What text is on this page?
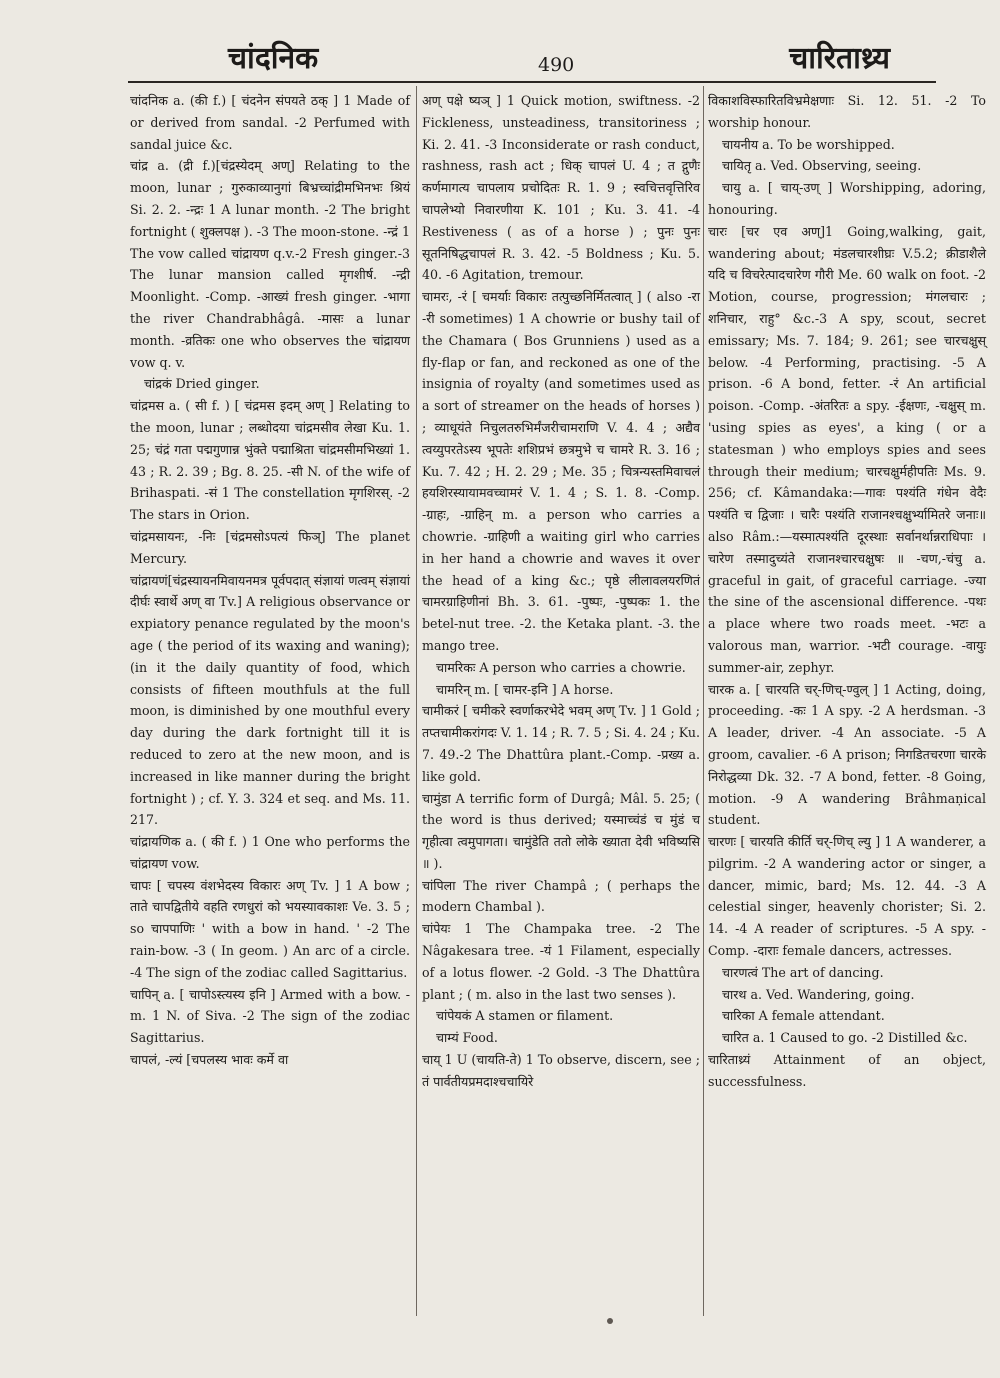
चांदनिक	490	चारिताथ्र्य

चांदनिक a. (की f.) [ चंदनेन संपयते ठक् ] 1 Made of or derived from sandal. -2 Perfumed with sandal juice &c.

चांद्र a. (द्री f.)[चंद्रस्येदम् अण्] Relating to the moon, lunar ; गुरुकाव्यानुगां बिभ्रच्चांद्रीमभिनभः श्रियं Si. 2. 2. -न्द्रः 1 A lunar month. -2 The bright fortnight ( शुक्लपक्ष ). -3 The moon-stone. -न्द्रं 1 The vow called चांद्रायण q.v.-2 Fresh ginger.-3 The lunar mansion called मृगशीर्ष. -न्द्री Moonlight. -Comp. -आख्यं fresh ginger. -भागा the river Chandrabhâgâ. -मासः a lunar month. -व्रतिकः one who observes the चांद्रायण vow q. v.

चांद्रकं Dried ginger.

चांद्रमस a. ( सी f. ) [ चंद्रमस इदम् अण् ] Relating to the moon, lunar ; लब्धोदया चांद्रमसीव लेखा Ku. 1. 25; चंद्रं गता पद्मगुणान्न भुंक्ते पद्माश्रिता चांद्रमसीमभिख्यां 1. 43 ; R. 2. 39 ; Bg. 8. 25. -सी N. of the wife of Brihaspati. -सं 1 The constellation मृगशिरस्. -2 The stars in Orion.

चांद्रमसायनः, -निः [चंद्रमसोऽपत्यं फिञ्] The planet Mercury.

चांद्रायणं[चंद्रस्यायनमिवायनमत्र पूर्वपदात् संज्ञायां णत्वम् संज्ञायां दीर्घः स्वार्थे अण् वा Tv.] A religious observance or expiatory penance regulated by the moon's age ( the period of its waxing and waning); (in it the daily quantity of food, which consists of fifteen mouthfuls at the full moon, is diminished by one mouthful every day during the dark fortnight till it is reduced to zero at the new moon, and is increased in like manner during the bright fortnight ) ; cf. Y. 3. 324 et seq. and Ms. 11. 217.

चांद्रायणिक a. ( की f. ) 1 One who performs the चांद्रायण vow.

चापः [ चपस्य वंशभेदस्य विकारः अण् Tv. ] 1 A bow ; ताते चापद्वितीये वहति रणधुरां को भयस्यावकाशः Ve. 3. 5 ; so चापपाणिः ' with a bow in hand. ' -2 The rain-bow. -3 ( In geom. ) An arc of a circle. -4 The sign of the zodiac called Sagittarius.

चापिन् a. [ चापोऽस्त्यस्य इनि ] Armed with a bow. -m. 1 N. of Siva. -2 The sign of the zodiac Sagittarius.

चापलं, -ल्यं [चपलस्य भावः कर्मे वा

अण् पक्षे ष्यञ् ] 1 Quick motion, swiftness. -2 Fickleness, unsteadiness, transitoriness ; Ki. 2. 41. -3 Inconsiderate or rash conduct, rashness, rash act ; धिक् चापलं U. 4 ; त द्गुणैः कर्णमागत्य चापलाय प्रचोदितः R. 1. 9 ; स्वचित्तवृत्तिरिव चापलेभ्यो निवारणीया K. 101 ; Ku. 3. 41. -4 Restiveness ( as of a horse ) ; पुनः पुनः सूतनिषिद्धचापलं R. 3. 42. -5 Boldness ; Ku. 5. 40. -6 Agitation, tremour.

चामरः, -रं [ चमर्याः विकारः तत्पुच्छनिर्मितत्वात् ] ( also -रा -री sometimes) 1 A chowrie or bushy tail of the Chamara ( Bos Grunniens ) used as a fly-flap or fan, and reckoned as one of the insignia of royalty (and sometimes used as a sort of streamer on the heads of horses ) ; व्याधूयंते निचुलतरुभिर्मंजरीचामराणि V. 4. 4 ; अद्यैव त्वय्युपरतेऽस्य भूपतेः शशिप्रभं छत्रमुभे च चामरे R. 3. 16 ; Ku. 7. 42 ; H. 2. 29 ; Me. 35 ; चित्रन्यस्तमिवाचलं हयशिरस्यायामवच्चामरं V. 1. 4 ; S. 1. 8. -Comp. -ग्राहः, -ग्राहिन् m. a person who carries a chowrie. -ग्राहिणी a waiting girl who carries in her hand a chowrie and waves it over the head of a king &c.; पृष्ठे लीलावलयरणितं चामरग्राहिणीनां Bh. 3. 61. -पुष्पः, -पुष्पकः 1. the betel-nut tree. -2. the Ketaka plant. -3. the mango tree.

चामरिकः A person who carries a chowrie.

चामरिन् m. [ चामर-इनि ] A horse.

चामीकरं [ चमीकरे स्वर्णाकरभेदे भवम् अण् Tv. ] 1 Gold ; तप्तचामीकरांगदः V. 1. 14 ; R. 7. 5 ; Si. 4. 24 ; Ku. 7. 49.-2 The Dhattûra plant.-Comp. -प्रख्य a. like gold.

चामुंडा A terrific form of Durgâ; Mâl. 5. 25; ( the word is thus derived; यस्माच्चंडं च मुंडं च गृहीत्वा त्वमुपागता। चामुंडेति ततो लोके ख्याता देवी भविष्यसि ॥ ).

चांपिला The river Champâ ; ( perhaps the modern Chambal ).

चांपेयः 1 The Champaka tree. -2 The Nâgakesara tree. -यं 1 Filament, especially of a lotus flower. -2 Gold. -3 The Dhattûra plant ; ( m. also in the last two senses ).

चांपेयकं A stamen or filament.

चाम्यं Food.

चाय् 1 U (चायति-ते) 1 To observe, discern, see ; तं पार्वतीयप्रमदाश्चचायिरे

विकाशविस्फारितविभ्रमेक्षणाः Si. 12. 51. -2 To worship honour.

चायनीय a. To be worshipped.

चायितृ a. Ved. Observing, seeing.

चायु a. [ चाय्-उण् ] Worshipping, adoring, honouring.

चारः [चर एव अण्]1 Going,walking, gait, wandering about; मंडलचारशीघ्रः V.5.2; क्रीडाशैले यदि च विचरेत्पादचारेण गौरी Me. 60 walk on foot. -2 Motion, course, progression; मंगलचारः ; शनिचार, राहु° &c.-3 A spy, scout, secret emissary; Ms. 7. 184; 9. 261; see चारचक्षुस् below. -4 Performing, practising. -5 A prison. -6 A bond, fetter. -रं An artificial poison. -Comp. -अंतरितः a spy. -ईक्षणः, -चक्षुस् m. 'using spies as eyes', a king ( or a statesman ) who employs spies and sees through their medium; चारचक्षुर्महीपतिः Ms. 9. 256; cf. Kâmandaka:—गावः पश्यंति गंधेन वेदैः पश्यंति च द्विजाः । चारैः पश्यंति राजानश्चक्षुर्भ्यामितरे जनाः॥ also Râm.:—यस्मात्पश्यंति दूरस्थाः सर्वानर्थान्नराधिपाः । चारेण तस्मादुच्यंते राजानश्चारचक्षुषः ॥ -चण,-चंचु a. graceful in gait, of graceful carriage. -ज्या the sine of the ascensional difference. -पथः a place where two roads meet. -भटः a valorous man, warrior. -भटी courage. -वायुः summer-air, zephyr.

चारक a. [ चारयति चर्-णिच्-ण्वुल् ] 1 Acting, doing, proceeding. -कः 1 A spy. -2 A herdsman. -3 A leader, driver. -4 An associate. -5 A groom, cavalier. -6 A prison; निगडितचरणा चारके निरोद्धव्या Dk. 32. -7 A bond, fetter. -8 Going, motion. -9 A wandering Brâhmaṇical student.

चारणः [ चारयति कीर्ति चर्-णिच् ल्यु ] 1 A wanderer, a pilgrim. -2 A wandering actor or singer, a dancer, mimic, bard; Ms. 12. 44. -3 A celestial singer, heavenly chorister; Si. 2. 14. -4 A reader of scriptures. -5 A spy. -Comp. -दाराः female dancers, actresses.

चारणत्वं The art of dancing.

चारथ a. Ved. Wandering, going.

चारिका A female attendant.

चारित a. 1 Caused to go. -2 Distilled &c.

चारिताथ्र्यं Attainment of an object, successfulness.
